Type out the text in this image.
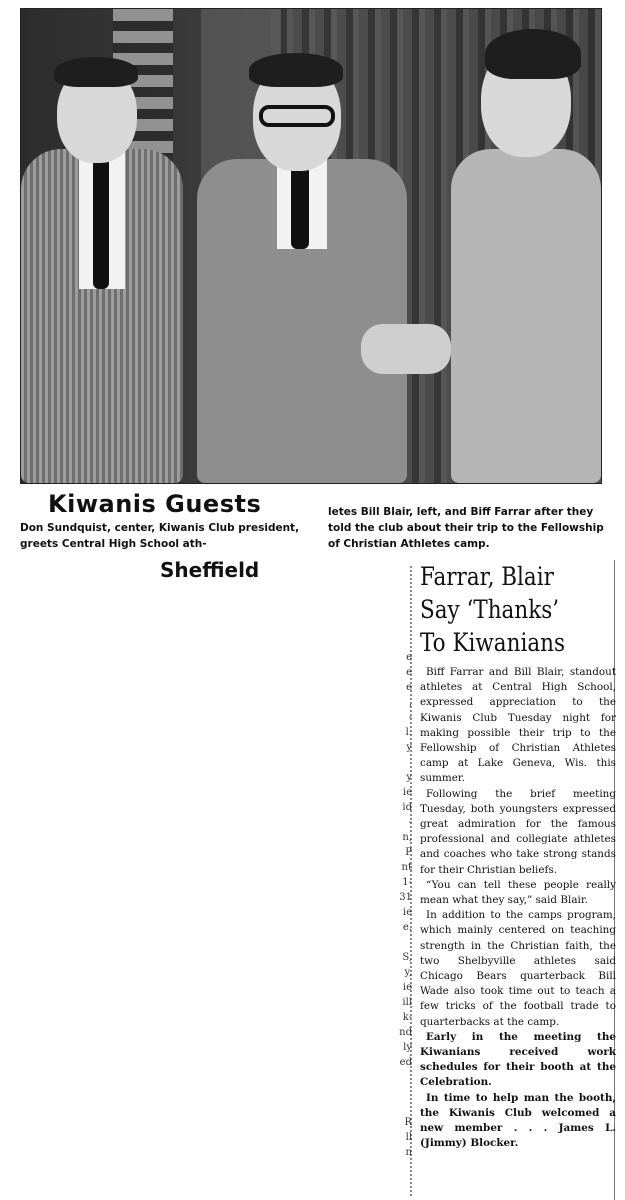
Kiwanis Guests

Don Sundquist, center, Kiwanis Club president, greets Central High School ath-

letes Bill Blair, left, and Biff Farrar after they told the club about their trip to the Fellowship of Christian Athletes camp.

Sheffield
e
e
e
,
-
l.
y
y
ie
id
-
n,
P
nt
1-
31
ie
e.
S,
y,
ie
ill
k-
nd
ly
ed
R
ll
n
Farrar, Blair
Say ‘Thanks’
To Kiwanians

Biff Farrar and Bill Blair, standout athletes at Central High School, expressed appreciation to the Kiwanis Club Tuesday night for making possible their trip to the Fellowship of Christian Athletes camp at Lake Geneva, Wis. this summer.

Following the brief meeting Tuesday, both youngsters expressed great admiration for the famous professional and collegiate athletes and coaches who take strong stands for their Christian beliefs.

“You can tell these people really mean what they say,” said Blair.

In addition to the camps program, which mainly centered on teaching strength in the Christian faith, the two Shelbyville athletes said Chicago Bears quarterback Bill Wade also took time out to teach a few tricks of the football trade to quarterbacks at the camp.

Early in the meeting the Kiwanians received work schedules for their booth at the Celebration.

In time to help man the booth, the Kiwanis Club welcomed a new member . . . James L. (Jimmy) Blocker.
